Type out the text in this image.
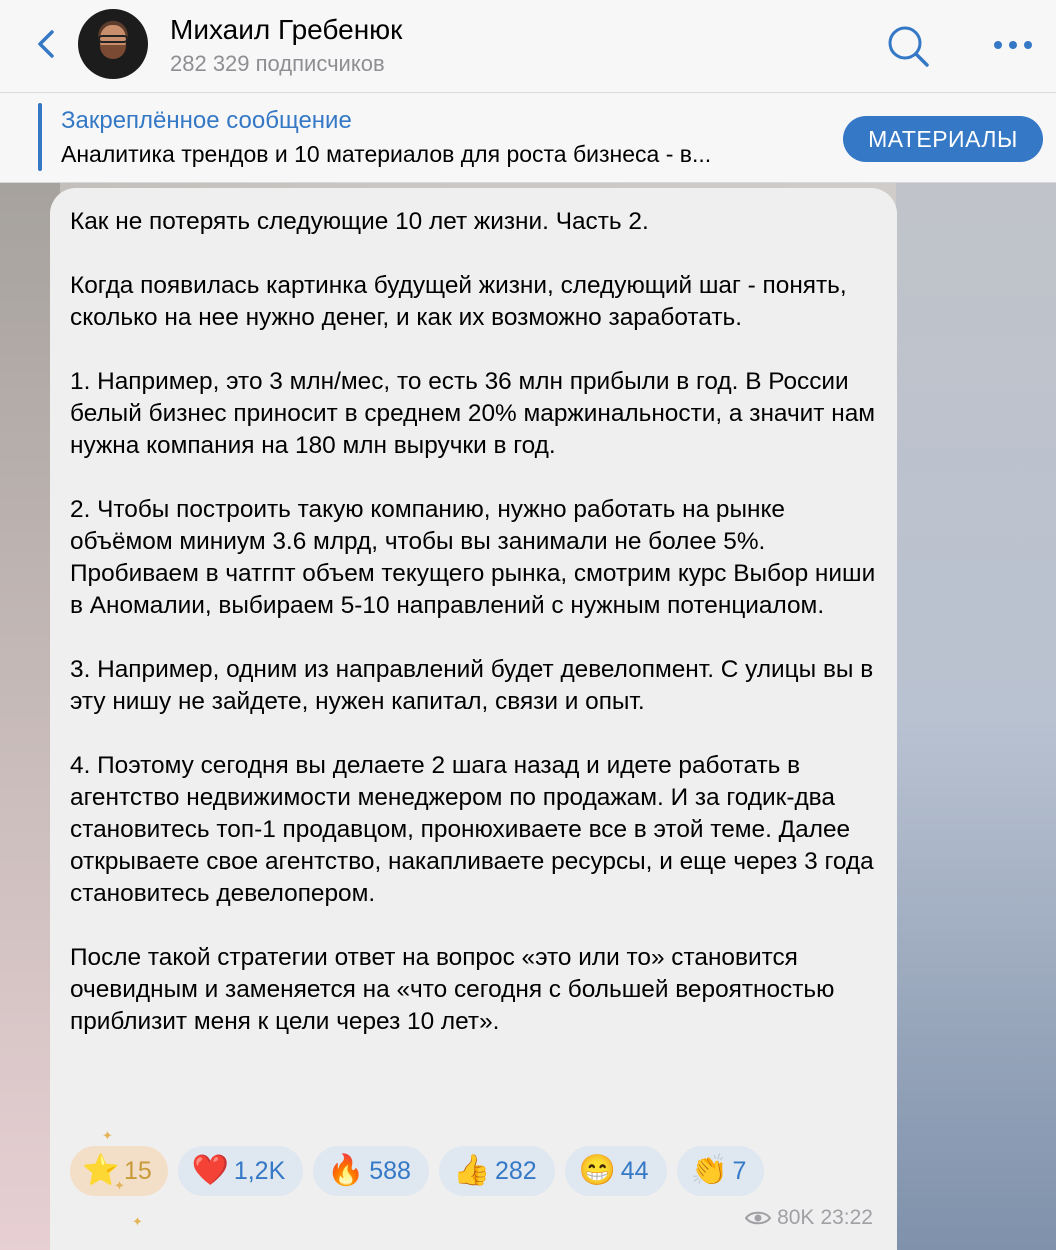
Михаил Гребенюк
282 329 подписчиков
Закреплённое сообщение
Аналитика трендов и 10 материалов для роста бизнеса - в...
МАТЕРИАЛЫ

Как не потерять следующие 10 лет жизни. Часть 2.

Когда появилась картинка будущей жизни, следующий шаг - понять, сколько на нее нужно денег, и как их возможно заработать.

1. Например, это 3 млн/мес, то есть 36 млн прибыли в год. В России белый бизнес приносит в среднем 20% маржинальности, а значит нам нужна компания на 180 млн выручки в год.

2. Чтобы построить такую компанию, нужно работать на рынке объёмом миниум 3.6 млрд, чтобы вы занимали не более 5%. Пробиваем в чатгпт объем текущего рынка, смотрим курс Выбор ниши в Аномалии, выбираем 5-10 направлений с нужным потенциалом.

3. Например, одним из направлений будет девелопмент. С улицы вы в эту нишу не зайдете, нужен капитал, связи и опыт.

4. Поэтому сегодня вы делаете 2 шага назад и идете работать в агентство недвижимости менеджером по продажам. И за годик-два становитесь топ-1 продавцом, пронюхиваете все в этой теме. Далее открываете свое агентство, накапливаете ресурсы, и еще через 3 года становитесь девелопером.

После такой стратегии ответ на вопрос «это или то» становится очевидным и заменяется на «что сегодня с большей вероятностью приблизит меня к цели через 10 лет».

⭐ 15 ❤️ 1,2K 🔥 588 👍 282 😁 44 👏 7
✦
✦
✦	80K 23:22
